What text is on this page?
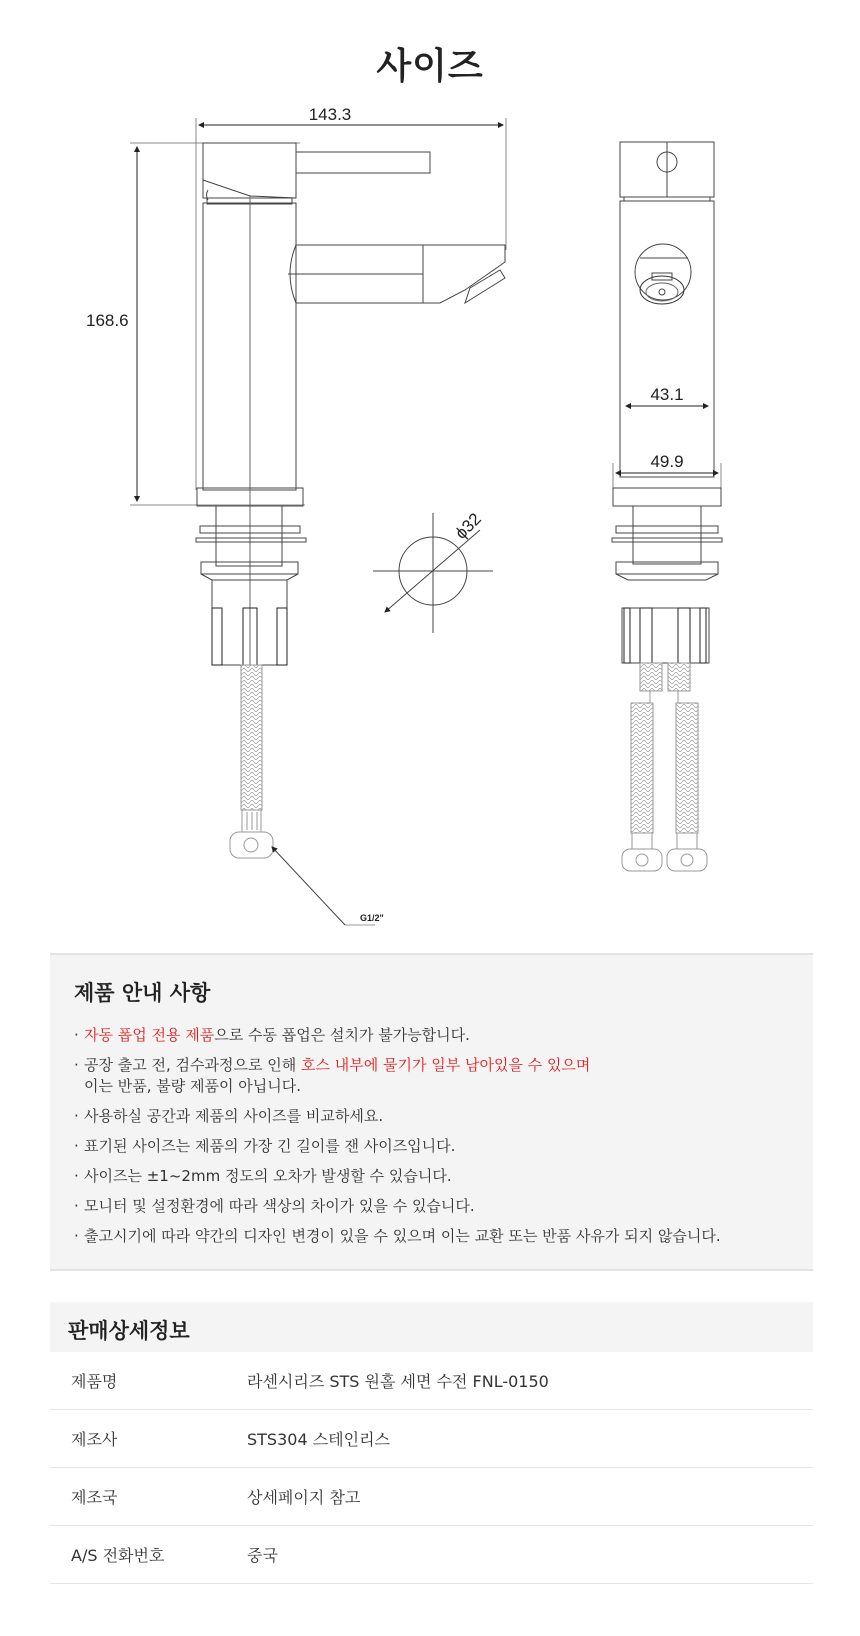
사이즈
143.3
168.6
G1/2"
ϕ32
43.1
49.9
제품 안내 사항
· 자동 폽업 전용 제품으로 수동 폽업은 설치가 불가능합니다.
· 공장 출고 전, 검수과정으로 인해 호스 내부에 물기가 일부 남아있을 수 있으며
이는 반품, 불량 제품이 아닙니다.
· 사용하실 공간과 제품의 사이즈를 비교하세요.
· 표기된 사이즈는 제품의 가장 긴 길이를 잰 사이즈입니다.
· 사이즈는 ±1~2mm 정도의 오차가 발생할 수 있습니다.
· 모니터 및 설정환경에 따라 색상의 차이가 있을 수 있습니다.
· 출고시기에 따라 약간의 디자인 변경이 있을 수 있으며 이는 교환 또는 반품 사유가 되지 않습니다.
판매상세정보
제품명	라센시리즈 STS 원홀 세면 수전 FNL-0150
제조사	STS304 스테인리스
제조국	상세페이지 참고
A/S 전화번호	중국
